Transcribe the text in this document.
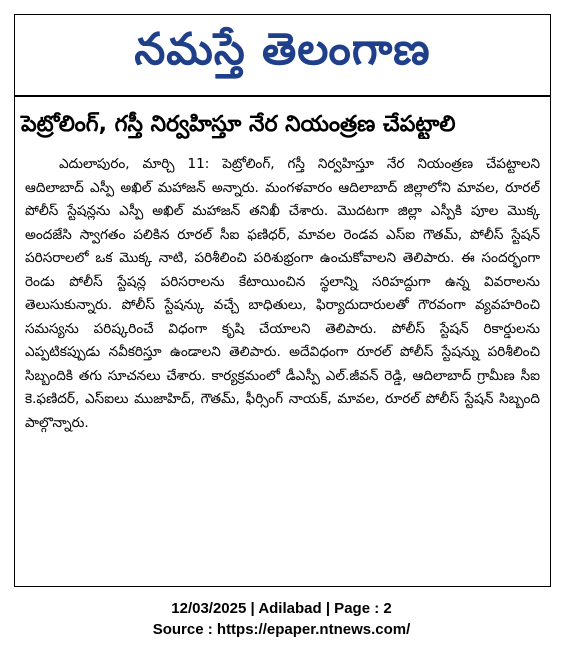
నమస్తే తెలంగాణ
పెట్రోలింగ్, గస్తీ నిర్వహిస్తూ నేర నియంత్రణ చేపట్టాలి
ఎదులాపురం, మార్చి 11: పెట్రోలింగ్, గస్తీ నిర్వహిస్తూ నేర నియంత్రణ చేపట్టాలని ఆదిలాబాద్ ఎస్పీ అఖిల్ మహాజన్ అన్నారు. మంగళవారం ఆదిలాబాద్ జిల్లాలోని మావల, రూరల్ పోలీస్ స్టేషన్లను ఎస్పీ అఖిల్ మహాజన్ తనిఖీ చేశారు. మొదటగా జిల్లా ఎస్పీకి పూల మొక్క అందజేసి స్వాగతం పలికిన రూరల్ సీఐ ఫణిధర్, మావల రెండవ ఎస్ఐ గౌతమ్, పోలీస్ స్టేషన్ పరిసరాలలో ఒక మొక్క నాటి, పరిశీలించి పరిశుభ్రంగా ఉంచుకోవాలని తెలిపారు. ఈ సందర్భంగా రెండు పోలీస్ స్టేషన్ల పరిసరాలను కేటాయించిన స్థలాన్ని సరిహద్దుగా ఉన్న వివరాలను తెలుసుకున్నారు. పోలీస్ స్టేషన్కు వచ్చే బాధితులు, ఫిర్యాదుదారులతో గౌరవంగా వ్యవహరించి సమస్యను పరిష్కరించే విధంగా కృషి చేయాలని తెలిపారు. పోలీస్ స్టేషన్ రికార్డులను ఎప్పటికప్పుడు నవీకరిస్తూ ఉండాలని తెలిపారు. అదేవిధంగా రూరల్ పోలీస్ స్టేషన్ను పరిశీలించి సిబ్బందికి తగు సూచనలు చేశారు. కార్యక్రమంలో డీఎస్పీ ఎల్.జీవన్ రెడ్డి, ఆదిలాబాద్ గ్రామీణ సీఐ కె.ఫణిదర్, ఎస్ఐలు ముజాహిద్, గౌతమ్, ఫీర్సింగ్ నాయక్, మావల, రూరల్ పోలీస్ స్టేషన్ సిబ్బంది పాల్గొన్నారు.
12/03/2025 | Adilabad | Page : 2
Source : https://epaper.ntnews.com/
